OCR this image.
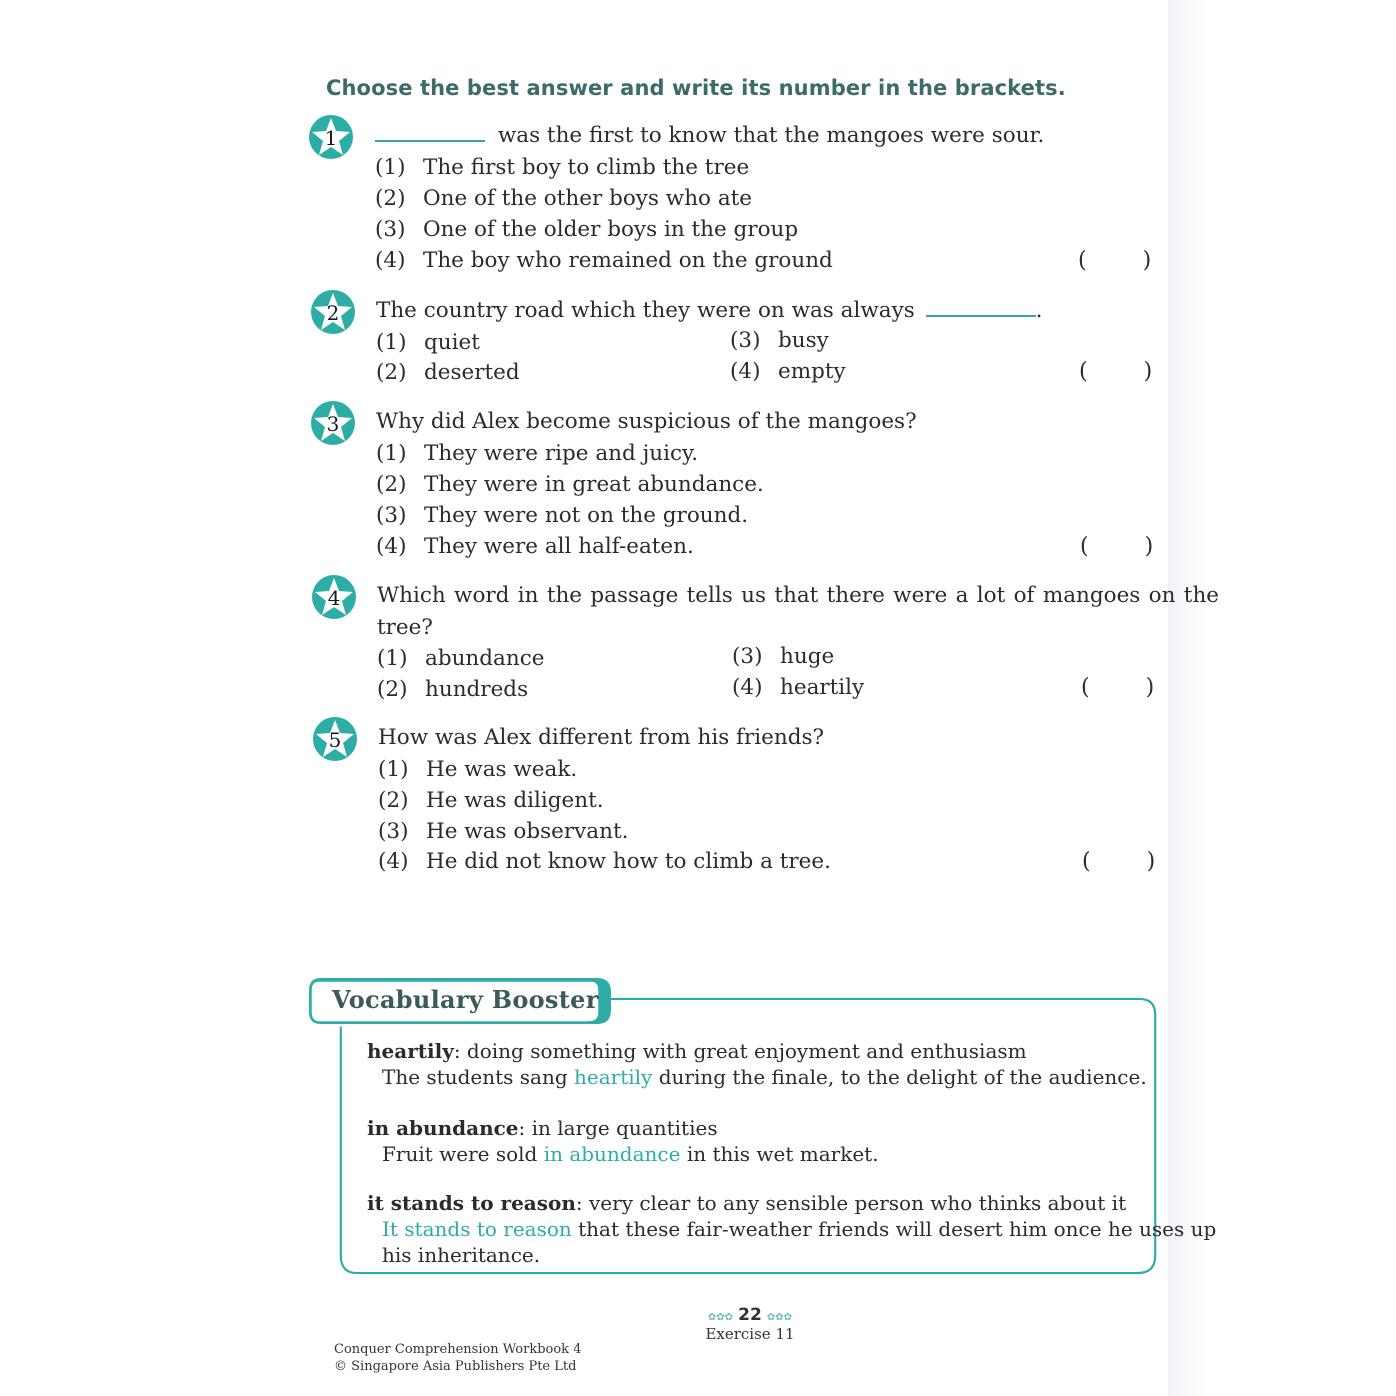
Choose the best answer and write its number in the brackets.
1	was the first to know that the mangoes were sour.
(1) The first boy to climb the tree
(2) One of the other boys who ate
(3) One of the older boys in the group
(4) The boy who remained on the ground	(	)
2	The country road which they were on was always	.
(1) quiet	(3) busy
(2) deserted	(4) empty	(	)
3	Why did Alex become suspicious of the mangoes?
(1) They were ripe and juicy.
(2) They were in great abundance.
(3) They were not on the ground.
(4) They were all half-eaten.	(	)
4	Which word in the passage tells us that there were a lot of mangoes on the
tree?
(1) abundance	(3) huge
(2) hundreds	(4) heartily	(	)
5	How was Alex different from his friends?
(1) He was weak.
(2) He was diligent.
(3) He was observant.
(4) He did not know how to climb a tree.	(	)
Vocabulary Booster
heartily: doing something with great enjoyment and enthusiasm
The students sang heartily during the finale, to the delight of the audience.
in abundance: in large quantities
Fruit were sold in abundance in this wet market.
it stands to reason: very clear to any sensible person who thinks about it
It stands to reason that these fair-weather friends will desert him once he uses up
his inheritance.
✿✿✿ 22 ✿✿✿
Exercise 11
Conquer Comprehension Workbook 4
© Singapore Asia Publishers Pte Ltd
